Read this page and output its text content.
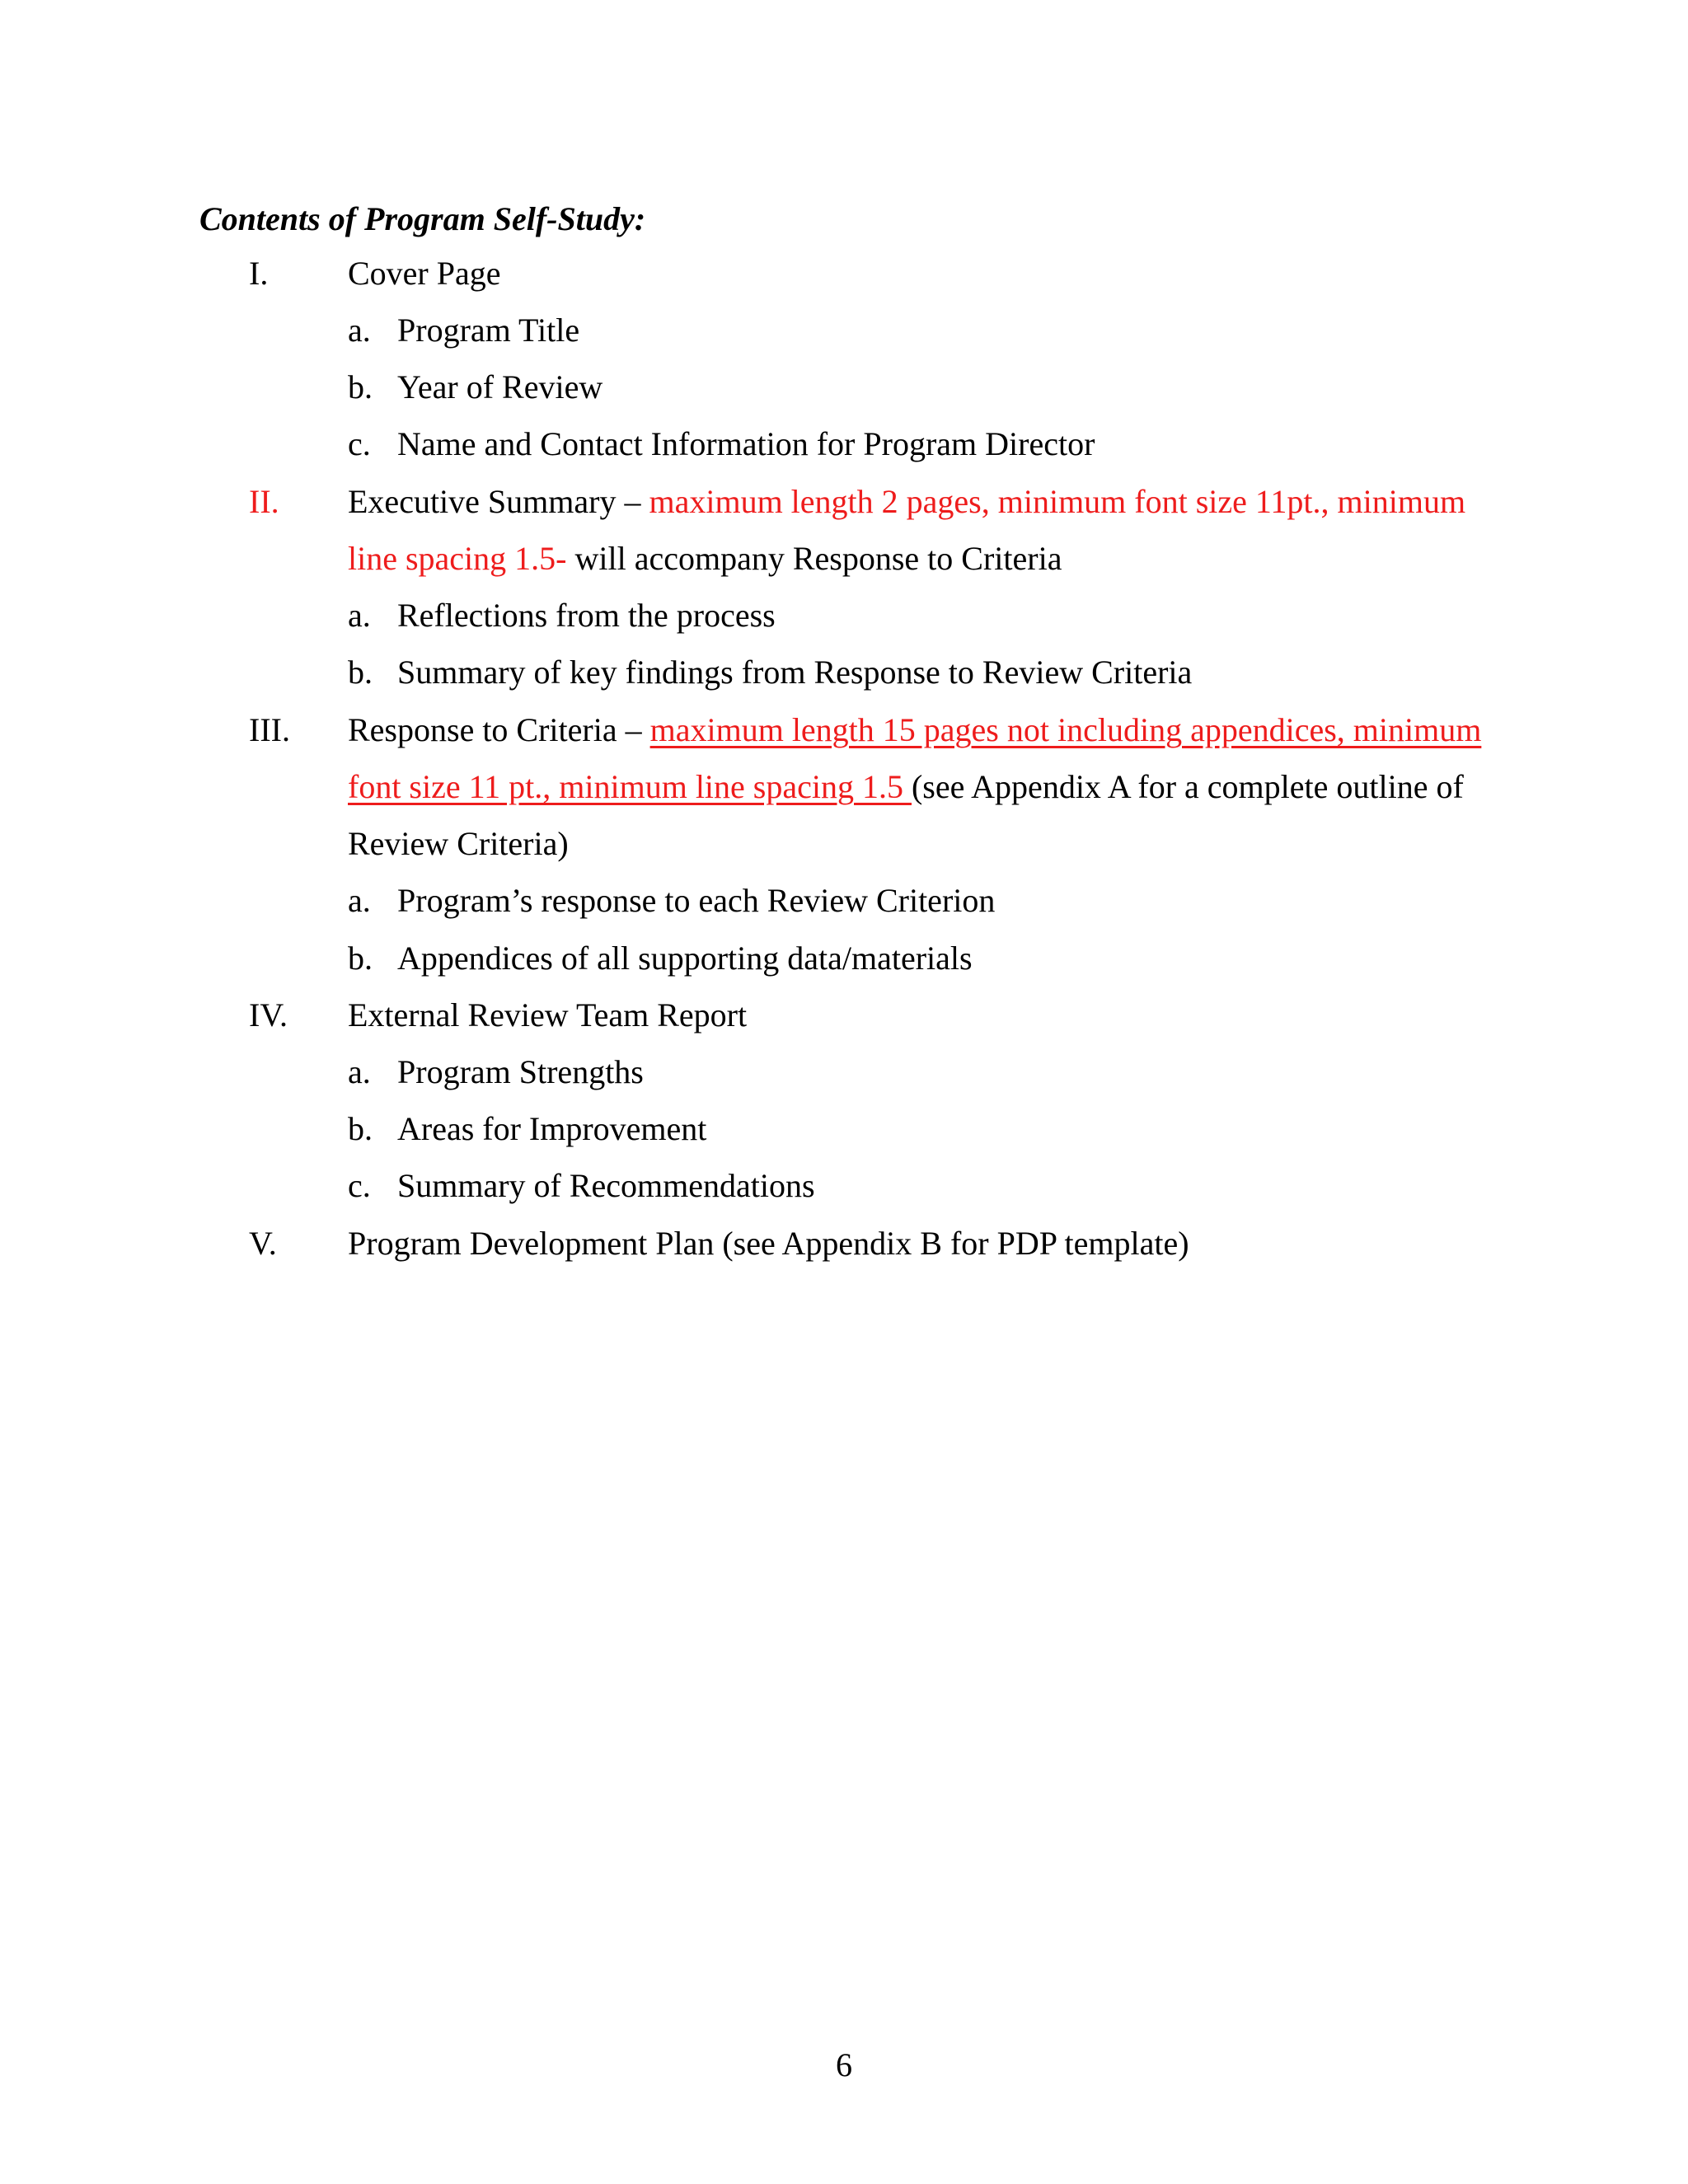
Contents of Program Self-Study:
I. Cover Page
a. Program Title
b. Year of Review
c. Name and Contact Information for Program Director
II. Executive Summary – maximum length 2 pages, minimum font size 11pt., minimum
line spacing 1.5- will accompany Response to Criteria
a. Reflections from the process
b. Summary of key findings from Response to Review Criteria
III. Response to Criteria – maximum length 15 pages not including appendices, minimum
font size 11 pt., minimum line spacing 1.5 (see Appendix A for a complete outline of
Review Criteria)
a. Program’s response to each Review Criterion
b. Appendices of all supporting data/materials
IV. External Review Team Report
a. Program Strengths
b. Areas for Improvement
c. Summary of Recommendations
V. Program Development Plan (see Appendix B for PDP template)
6
